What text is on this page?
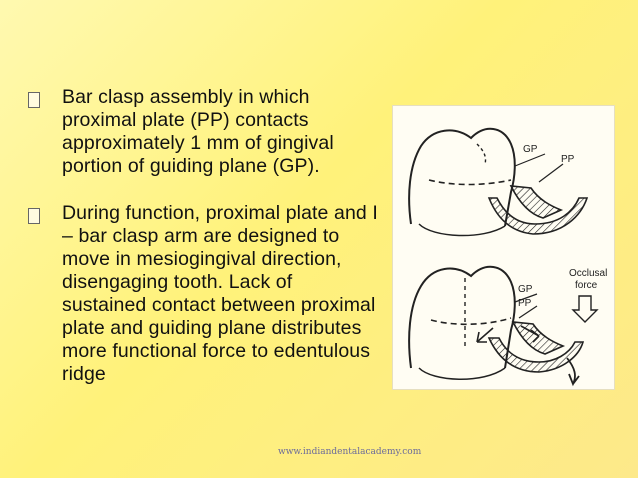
Bar clasp assembly in which proximal plate (PP) contacts approximately 1 mm of gingival portion of guiding plane (GP).
During function, proximal plate and I – bar clasp arm are designed to move in mesiogingival direction, disengaging tooth. Lack of sustained contact between proximal plate and guiding plane distributes more functional force to edentulous ridge
GP
PP
GP
PP
Occlusal
force
www.indiandentalacademy.com
